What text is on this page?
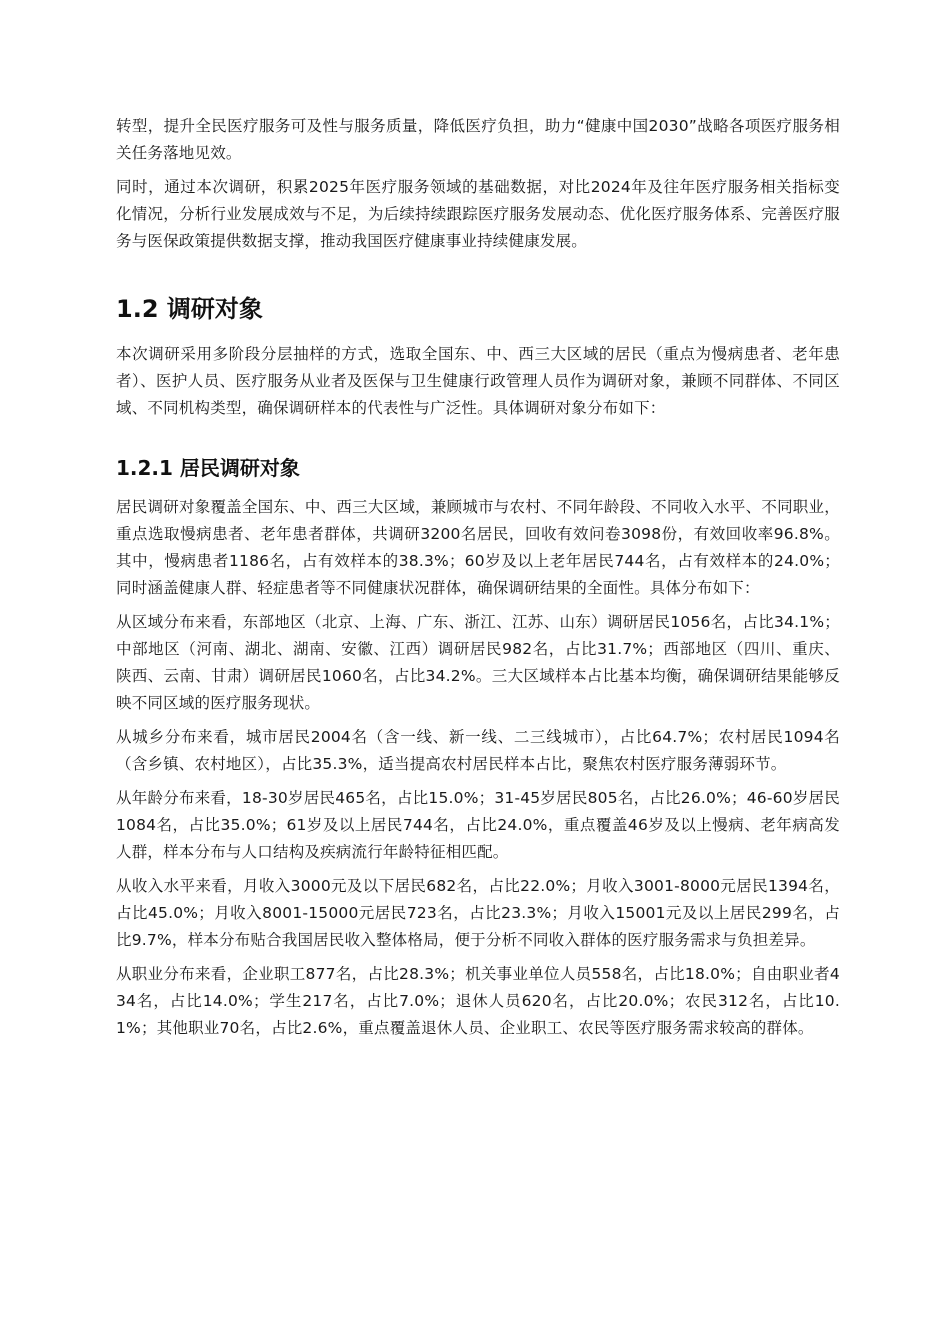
转型，提升全民医疗服务可及性与服务质量，降低医疗负担，助力“健康中国2030”战略各项医疗服务相关任务落地见效。

同时，通过本次调研，积累2025年医疗服务领域的基础数据，对比2024年及往年医疗服务相关指标变化情况，分析行业发展成效与不足，为后续持续跟踪医疗服务发展动态、优化医疗服务体系、完善医疗服务与医保政策提供数据支撑，推动我国医疗健康事业持续健康发展。

1.2 调研对象

本次调研采用多阶段分层抽样的方式，选取全国东、中、西三大区域的居民（重点为慢病患者、老年患者）、医护人员、医疗服务从业者及医保与卫生健康行政管理人员作为调研对象，兼顾不同群体、不同区域、不同机构类型，确保调研样本的代表性与广泛性。具体调研对象分布如下：

1.2.1 居民调研对象

居民调研对象覆盖全国东、中、西三大区域，兼顾城市与农村、不同年龄段、不同收入水平、不同职业，重点选取慢病患者、老年患者群体，共调研3200名居民，回收有效问卷3098份，有效回收率96.8%。其中，慢病患者1186名，占有效样本的38.3%；60岁及以上老年居民744名，占有效样本的24.0%；同时涵盖健康人群、轻症患者等不同健康状况群体，确保调研结果的全面性。具体分布如下：

从区域分布来看，东部地区（北京、上海、广东、浙江、江苏、山东）调研居民1056名，占比34.1%；中部地区（河南、湖北、湖南、安徽、江西）调研居民982名，占比31.7%；西部地区（四川、重庆、陕西、云南、甘肃）调研居民1060名，占比34.2%。三大区域样本占比基本均衡，确保调研结果能够反映不同区域的医疗服务现状。

从城乡分布来看，城市居民2004名（含一线、新一线、二三线城市），占比64.7%；农村居民1094名（含乡镇、农村地区），占比35.3%，适当提高农村居民样本占比，聚焦农村医疗服务薄弱环节。

从年龄分布来看，18-30岁居民465名，占比15.0%；31-45岁居民805名，占比26.0%；46-60岁居民1084名，占比35.0%；61岁及以上居民744名，占比24.0%，重点覆盖46岁及以上慢病、老年病高发人群，样本分布与人口结构及疾病流行年龄特征相匹配。

从收入水平来看，月收入3000元及以下居民682名，占比22.0%；月收入3001-8000元居民1394名，占比45.0%；月收入8001-15000元居民723名，占比23.3%；月收入15001元及以上居民299名，占比9.7%，样本分布贴合我国居民收入整体格局，便于分析不同收入群体的医疗服务需求与负担差异。

从职业分布来看，企业职工877名，占比28.3%；机关事业单位人员558名，占比18.0%；自由职业者434名，占比14.0%；学生217名，占比7.0%；退休人员620名，占比20.0%；农民312名，占比10.1%；其他职业70名，占比2.6%，重点覆盖退休人员、企业职工、农民等医疗服务需求较高的群体。
